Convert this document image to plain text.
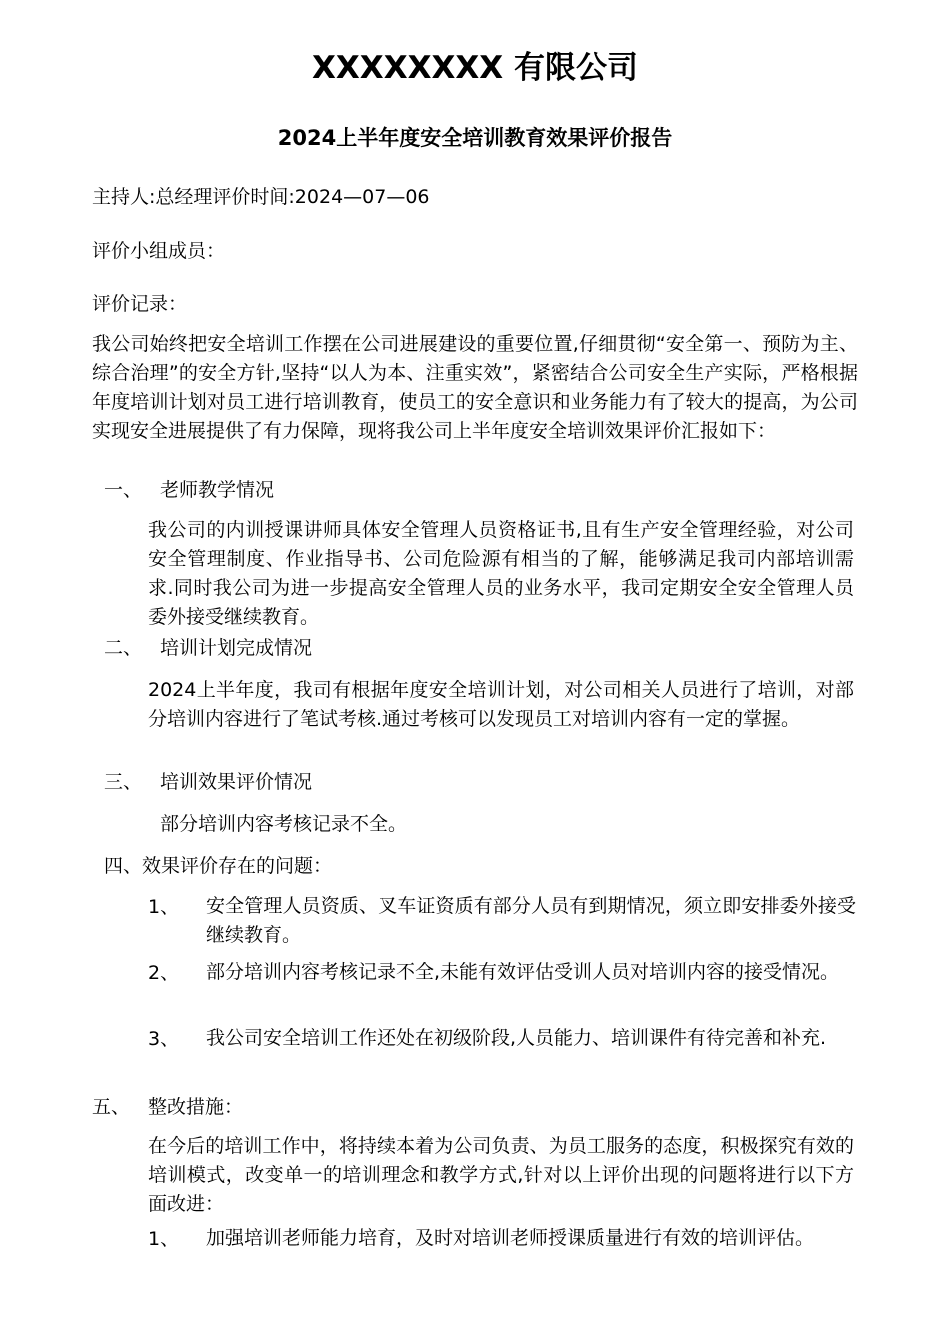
XXXXXXXX 有限公司
2024上半年度安全培训教育效果评价报告
主持人:总经理评价时间:2024—07—06
评价小组成员：
评价记录：
我公司始终把安全培训工作摆在公司进展建设的重要位置,仔细贯彻“安全第一、预防为主、综合治理”的安全方针,坚持“以人为本、注重实效”，紧密结合公司安全生产实际，严格根据年度培训计划对员工进行培训教育，使员工的安全意识和业务能力有了较大的提高，为公司实现安全进展提供了有力保障，现将我公司上半年度安全培训效果评价汇报如下：
一、 老师教学情况
我公司的内训授课讲师具体安全管理人员资格证书,且有生产安全管理经验，对公司安全管理制度、作业指导书、公司危险源有相当的了解，能够满足我司内部培训需求.同时我公司为进一步提高安全管理人员的业务水平，我司定期安全安全管理人员委外接受继续教育。
二、 培训计划完成情况
2024上半年度，我司有根据年度安全培训计划，对公司相关人员进行了培训，对部分培训内容进行了笔试考核.通过考核可以发现员工对培训内容有一定的掌握。
三、 培训效果评价情况
部分培训内容考核记录不全。
四、效果评价存在的问题：
1、 安全管理人员资质、叉车证资质有部分人员有到期情况，须立即安排委外接受继续教育。
2、 部分培训内容考核记录不全,未能有效评估受训人员对培训内容的接受情况。
3、 我公司安全培训工作还处在初级阶段,人员能力、培训课件有待完善和补充.
五、 整改措施：
在今后的培训工作中，将持续本着为公司负责、为员工服务的态度，积极探究有效的培训模式，改变单一的培训理念和教学方式,针对以上评价出现的问题将进行以下方面改进：
1、 加强培训老师能力培育，及时对培训老师授课质量进行有效的培训评估。
